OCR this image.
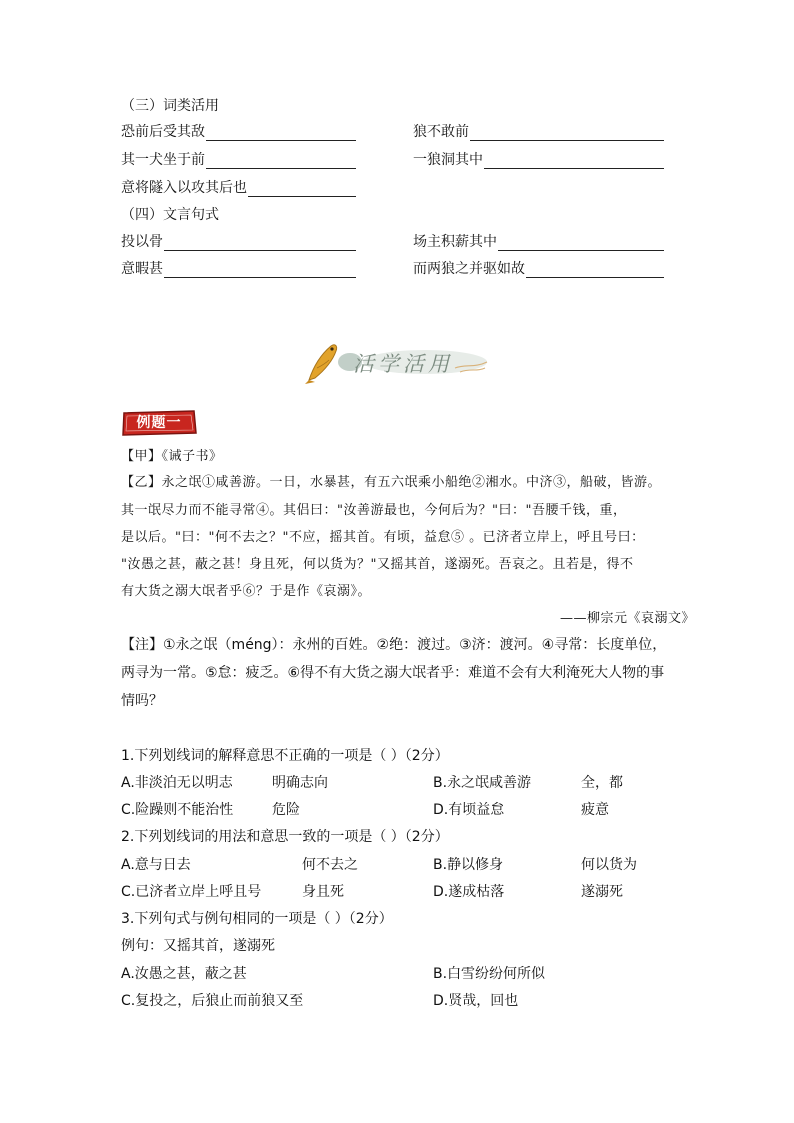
（三）词类活用
恐前后受其敌	狼不敢前
其一犬坐于前	一狼洞其中
意将隧入以攻其后也
（四）文言句式
投以骨	场主积薪其中
意暇甚	而两狼之并驱如故
活学活用
例题一
【甲】《诫子书》
【乙】永之氓①咸善游。一日，水暴甚，有五六氓乘小船绝②湘水。中济③，船破，皆游。
其一氓尽力而不能寻常④。其侣曰："汝善游最也，今何后为？"曰："吾腰千钱，重，
是以后。"曰："何不去之？"不应，摇其首。有顷，益怠⑤ 。已济者立岸上，呼且号曰：
"汝愚之甚，蔽之甚！身且死，何以货为？"又摇其首，遂溺死。吾哀之。且若是，得不
有大货之溺大氓者乎⑥？于是作《哀溺》。
——柳宗元《哀溺文》
【注】①永之氓（méng）：永州的百姓。②绝：渡过。③济：渡河。④寻常：长度单位，
两寻为一常。⑤怠：疲乏。⑥得不有大货之溺大氓者乎：难道不会有大利淹死大人物的事
情吗？
1.下列划线词的解释意思不正确的一项是（ ）（2分）
A.非淡泊无以明志	明确志向	B.永之氓咸善游	全，都
C.险躁则不能治性	危险	D.有顷益怠	疲意
2.下列划线词的用法和意思一致的一项是（ ）（2分）
A.意与日去	何不去之	B.静以修身	何以货为
C.已济者立岸上呼且号	身且死	D.遂成枯落	遂溺死
3.下列句式与例句相同的一项是（ ）（2分）
例句：又摇其首，遂溺死
A.汝愚之甚，蔽之甚	B.白雪纷纷何所似
C.复投之，后狼止而前狼又至	D.贤哉，回也
